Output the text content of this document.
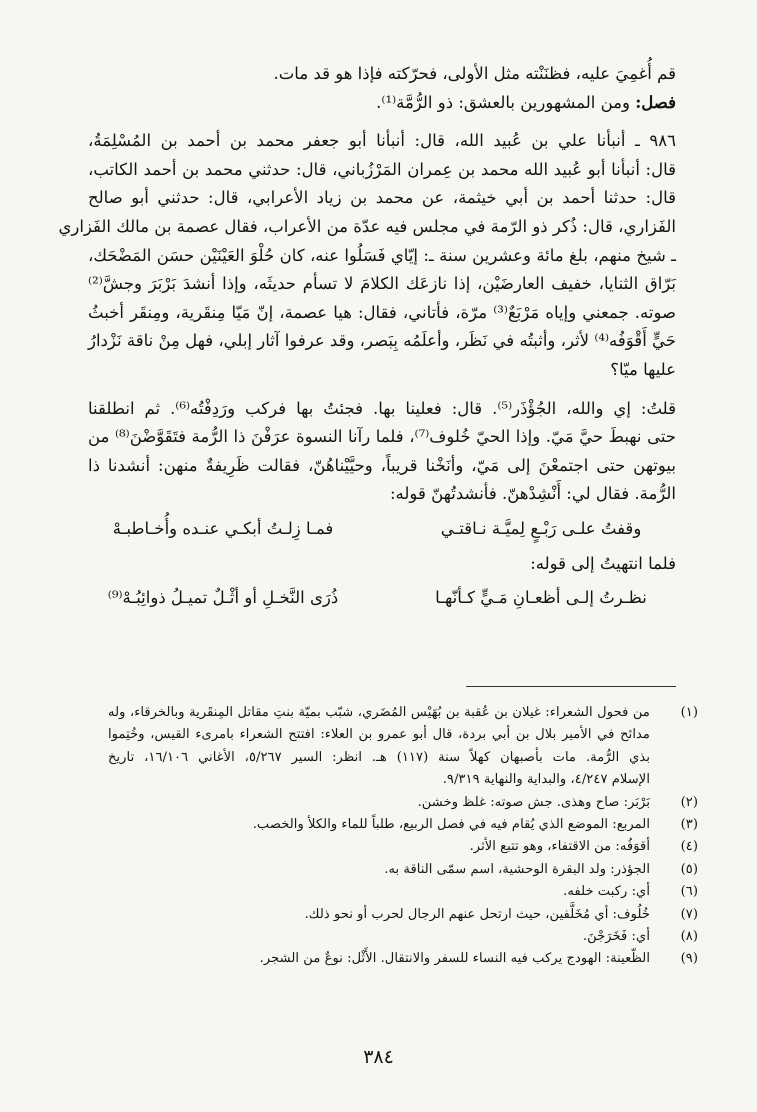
قم أُغمِيَ عليه، فظنَنْته مثل الأولى، فحرّكته فإذا هو قد مات.

فصل: ومن المشهورين بالعشق: ذو الرُّمَّة⁽¹⁾.

٩٨٦ ـ أنبأنا علي بن عُبيد الله، قال: أنبأنا أبو جعفر محمد بن أحمد بن المُسْلِمَةُ،
قال: أنبأنا أبو عُبيد الله محمد بن عِمران المَرْزُباني، قال: حدثني محمد بن أحمد الكاتب،
قال: حدثنا أحمد بن أبي خيثمة، عن محمد بن زياد الأعرابي، قال: حدثني أبو صالح
الفَزاري، قال: ذُكر ذو الرّمة في مجلس فيه عدّة من الأعراب، فقال عصمة بن مالك الفَزاري
ـ شيخ منهم، بلغ مائة وعشرين سنة ـ: إيّاي فَسَلُوا عنه، كان حُلْوَ العَيْنَيْن حسَن المَضْحَك،
بَرّاق الثنايا، خفيف العارضَيْن، إذا نازعَك الكلامَ لا تسأم حديثَه، وإذا أنشدَ بَرْبَرَ وجشَّ⁽²⁾
صوته. جمعني وإياه مَرْبَعٌ⁽³⁾ مرّة، فأتاني، فقال: هيا عصمة، إنّ مَيّا مِنقَرية، ومِنقَر أخبثُ
حَيٍّ أَقْوَفُه⁽⁴⁾ لأثر، وأثبتُه في نَظَر، وأعلَمُه بِبَصر، وقد عرفوا آثار إبلي، فهل مِنْ ناقة نَزْدارُ
عليها ميّا؟

قلتُ: إي والله، الجُؤْذَر⁽⁵⁾. قال: فعلينا بها. فجئتُ بها فركب ورَدِفْتُه⁽⁶⁾. ثم انطلقنا
حتى نهبطَ حيَّ مَيّ. وإذا الحيّ خُلوف⁽⁷⁾، فلما رآنا النسوة عرَفْنَ ذا الرُّمة فتَقَوَّضْنَ⁽⁸⁾ من
بيوتهن حتى اجتمعْنَ إلى مَيّ، وأنَخْنا قريباً، وحيَّيْناهُنّ، فقالت ظَرِيفةٌ منهن: أنشدنا ذا
الرُّمة. فقال لي: أَنْشِدْهنّ. فأنشدتُهنّ قوله:

وقفتُ علـى رَبْـعٍ لِميَّـة نـاقتـي
فمـا زِلـتُ أبكـي عنـده وأُخـاطبـهْ

فلما انتهيتُ إلى قوله:

نظـرتُ إلـى أظعـانِ مَـيٍّ كـأنّهـا
ذُرَى النَّخـلِ أو أثْـلٌ تميـلُ ذوائِبُـهْ⁽⁹⁾
(١)
من فحول الشعراء: غيلان بن عُقبة بن بُهَيْس المُضَري، شبّب بميّة بنتِ مقاتل المِنقَرية وبالخرقاء، وله
مدائح في الأمير بلال بن أبي بردة، قال أبو عمرو بن العلاء: افتتح الشعراء بامرىء القيس، وخُتِموا
بذي الرُّمة. مات بأصبهان كهلاً سنة (١١٧) هـ. انظر: السير ٥/٢٦٧، الأغاني ١٦/١٠٦، تاريخ
الإسلام ٤/٢٤٧، والبداية والنهاية ٩/٣١٩.
(٢)
بَرْبَر: صاح وهذى. جش صوته: غلظ وخشن.
(٣)
المربع: الموضع الذي يُقام فيه في فصل الربيع، طلباً للماء والكلأ والخصب.
(٤)
أقوَفُه: من الاقتفاء، وهو تتبع الأثر.
(٥)
الجؤذر: ولد البقرة الوحشية، اسم سمّى الناقة به.
(٦)
أي: ركبت خلفه.
(٧)
خُلُوف: أي مُخَلَّفين، حيث ارتحل عنهم الرجال لحرب أو نحو ذلك.
(٨)
أي: فَخَرَجْنَ.
(٩)
الظّعينة: الهودج يركب فيه النساء للسفر والانتقال. الأَثْل: نوعٌ من الشجر.
٣٨٤
